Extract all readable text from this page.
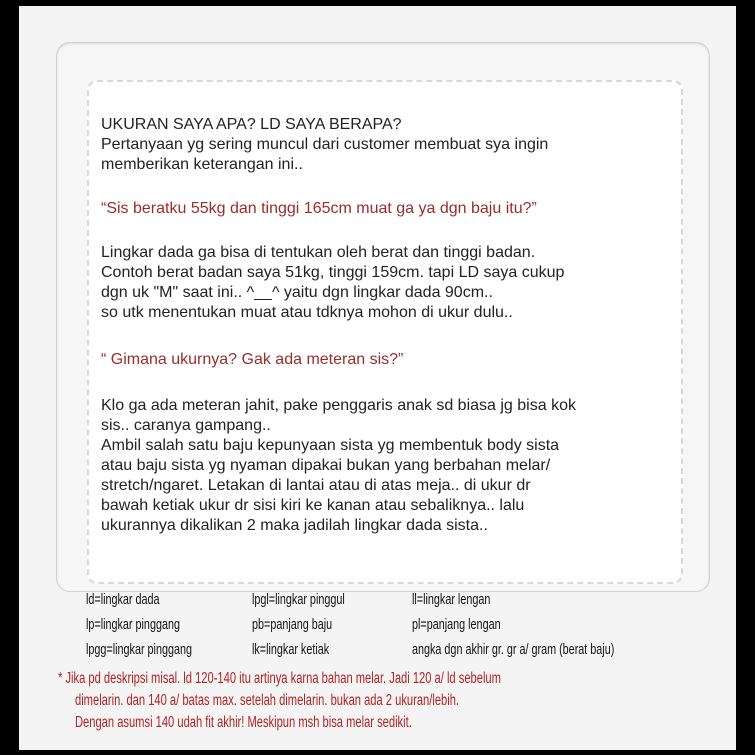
UKURAN SAYA APA? LD SAYA BERAPA?
Pertanyaan yg sering muncul dari customer membuat sya ingin
memberikan keterangan ini..
“Sis beratku 55kg dan tinggi 165cm muat ga ya dgn baju itu?”
Lingkar dada ga bisa di tentukan oleh berat dan tinggi badan.
Contoh berat badan saya 51kg, tinggi 159cm. tapi LD saya cukup
dgn uk "M" saat ini.. ^__^ yaitu dgn lingkar dada 90cm..
so utk menentukan muat atau tdknya mohon di ukur dulu..
“ Gimana ukurnya? Gak ada meteran sis?”
Klo ga ada meteran jahit, pake penggaris anak sd biasa jg bisa kok
sis.. caranya gampang..
Ambil salah satu baju kepunyaan sista yg membentuk body sista
atau baju sista yg nyaman dipakai bukan yang berbahan melar/
stretch/ngaret. Letakan di lantai atau di atas meja.. di ukur dr
bawah ketiak ukur dr sisi kiri ke kanan atau sebaliknya.. lalu
ukurannya dikalikan 2 maka jadilah lingkar dada sista..
ld=lingkar dada	lpgl=lingkar pinggul	ll=lingkar lengan
lp=lingkar pinggang	pb=panjang baju	pl=panjang lengan
lpgg=lingkar pinggang	lk=lingkar ketiak	angka dgn akhir gr. gr a/ gram (berat baju)
* Jika pd deskripsi misal. ld 120-140 itu artinya karna bahan melar. Jadi 120 a/ ld sebelum
dimelarin. dan 140 a/ batas max. setelah dimelarin. bukan ada 2 ukuran/lebih.
Dengan asumsi 140 udah fit akhir! Meskipun msh bisa melar sedikit.
